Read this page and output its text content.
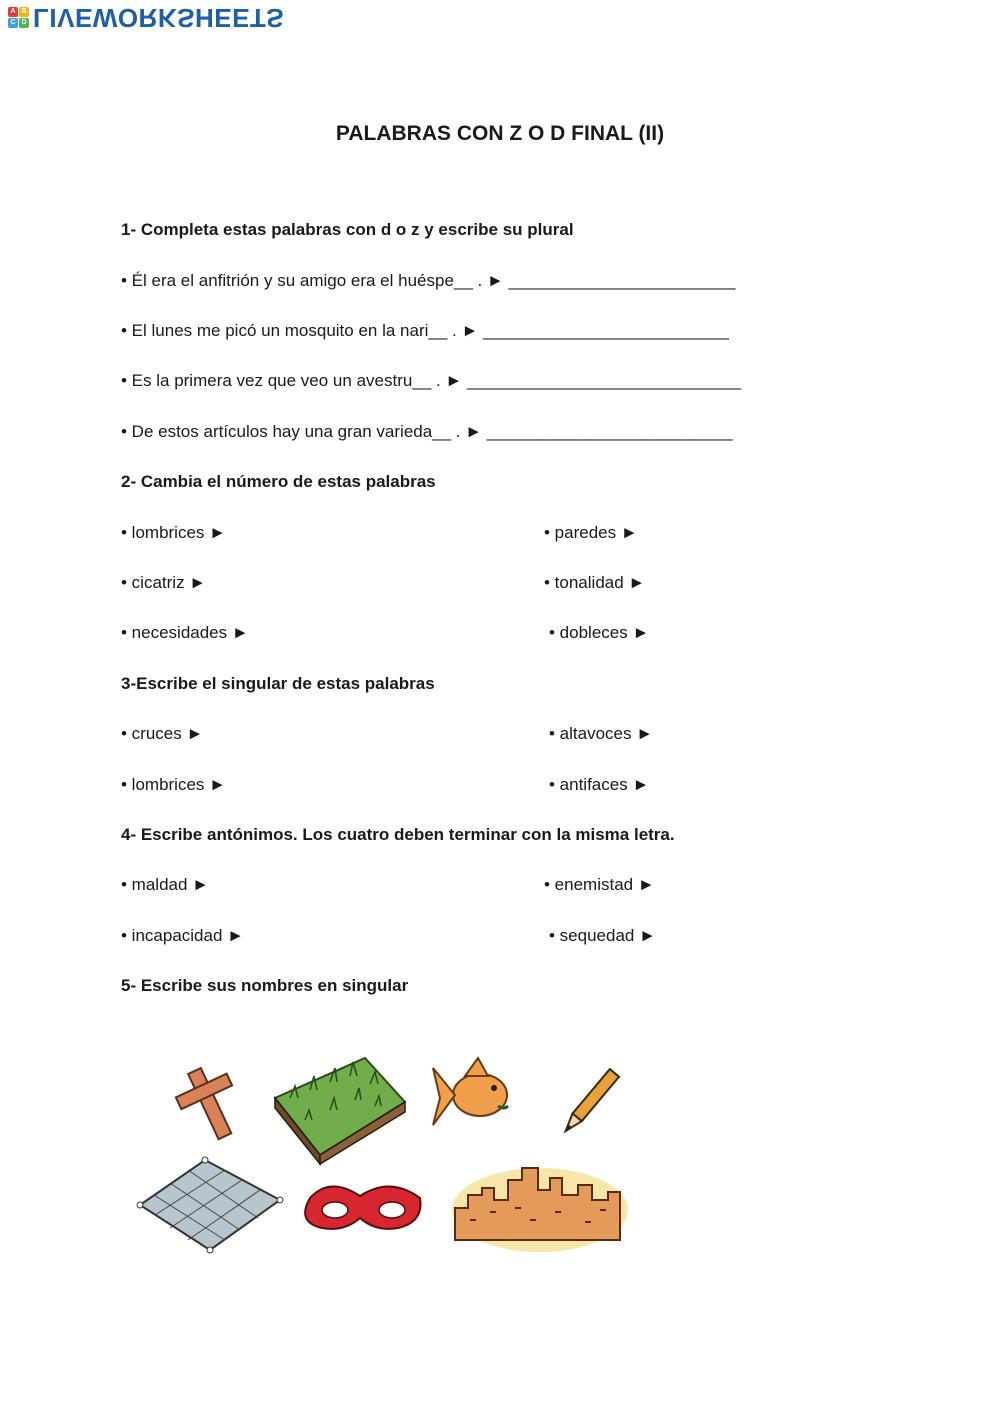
A B
C D LIVEWORKSHEETS
PALABRAS CON Z O D FINAL (II)
1- Completa estas palabras con d o z y escribe su plural
• Él era el anfitrión y su amigo era el huéspe__ . ► ________________________
• El lunes me picó un mosquito en la nari__ . ► __________________________
• Es la primera vez que veo un avestru__ . ► _____________________________
• De estos artículos hay una gran varieda__ . ► __________________________
2- Cambia el número de estas palabras
• lombrices ►
• cicatriz ►
• necesidades ►
• paredes ►
• tonalidad ►
• dobleces ►
3-Escribe el singular de estas palabras
• cruces ►
• lombrices ►
• altavoces ►
• antifaces ►
4- Escribe antónimos. Los cuatro deben terminar con la misma letra.
• maldad ►
• incapacidad ►
• enemistad ►
• sequedad ►
5- Escribe sus nombres en singular
